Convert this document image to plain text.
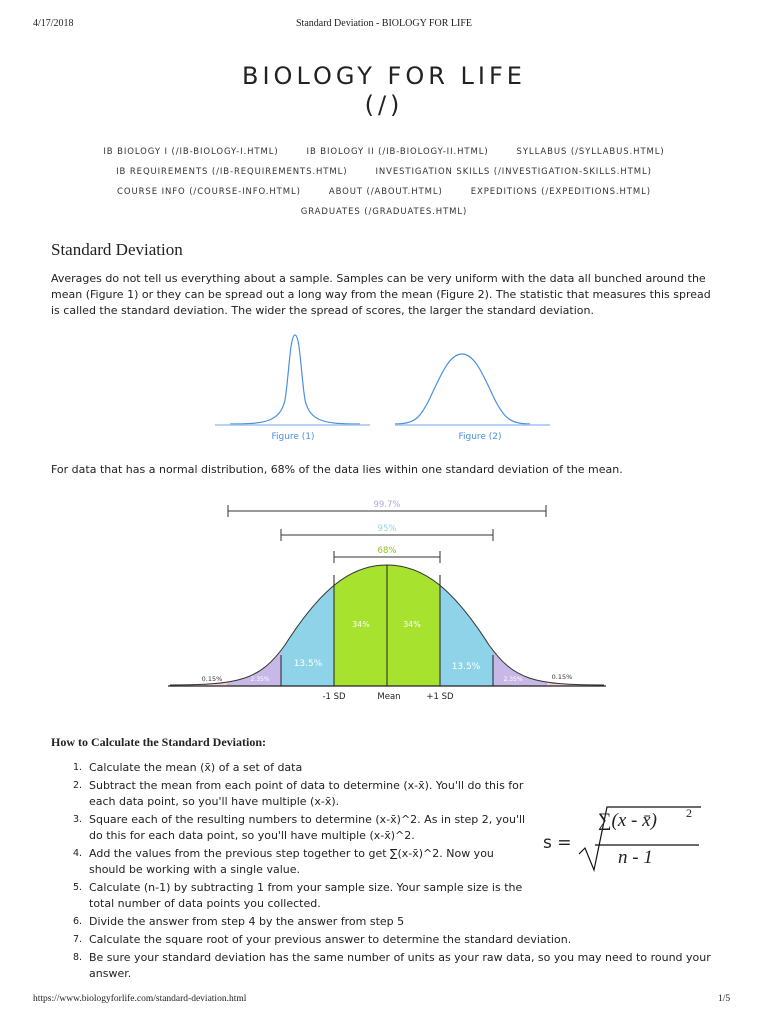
4/17/2018	Standard Deviation - BIOLOGY FOR LIFE
BIOLOGY FOR LIFE
(/)
IB BIOLOGY I (/IB-BIOLOGY-I.HTML)	IB BIOLOGY II (/IB-BIOLOGY-II.HTML)	SYLLABUS (/SYLLABUS.HTML)
IB REQUIREMENTS (/IB-REQUIREMENTS.HTML)	INVESTIGATION SKILLS (/INVESTIGATION-SKILLS.HTML)
COURSE INFO (/COURSE-INFO.HTML)	ABOUT (/ABOUT.HTML)	EXPEDITIONS (/EXPEDITIONS.HTML)
GRADUATES (/GRADUATES.HTML)
Standard Deviation
Averages do not tell us everything about a sample. Samples can be very uniform with the data all bunched around the mean (Figure 1) or they can be spread out a long way from the mean (Figure 2). The statistic that measures this spread is called the standard deviation. The wider the spread of scores, the larger the standard deviation.
Figure (1)	Figure (2)
For data that has a normal distribution, 68% of the data lies within one standard deviation of the mean.
99.7%
95%
68%
34%	34%
13.5%	13.5%
2.35%	2.35%
0.15%	0.15%
-1 SD	Mean	+1 SD
How to Calculate the Standard Deviation:
s =
∑(x - x̄) 2
n - 1
1. Calculate the mean (x̄) of a set of data
2. Subtract the mean from each point of data to determine (x-x̄). You'll do this for each data point, so you'll have multiple (x-x̄).
3. Square each of the resulting numbers to determine (x-x̄)^2. As in step 2, you'll do this for each data point, so you'll have multiple (x-x̄)^2.
4. Add the values from the previous step together to get ∑(x-x̄)^2. Now you should be working with a single value.
5. Calculate (n-1) by subtracting 1 from your sample size. Your sample size is the total number of data points you collected.
6. Divide the answer from step 4 by the answer from step 5
7. Calculate the square root of your previous answer to determine the standard deviation.
8. Be sure your standard deviation has the same number of units as your raw data, so you may need to round your answer.
https://www.biologyforlife.com/standard-deviation.html	1/5
